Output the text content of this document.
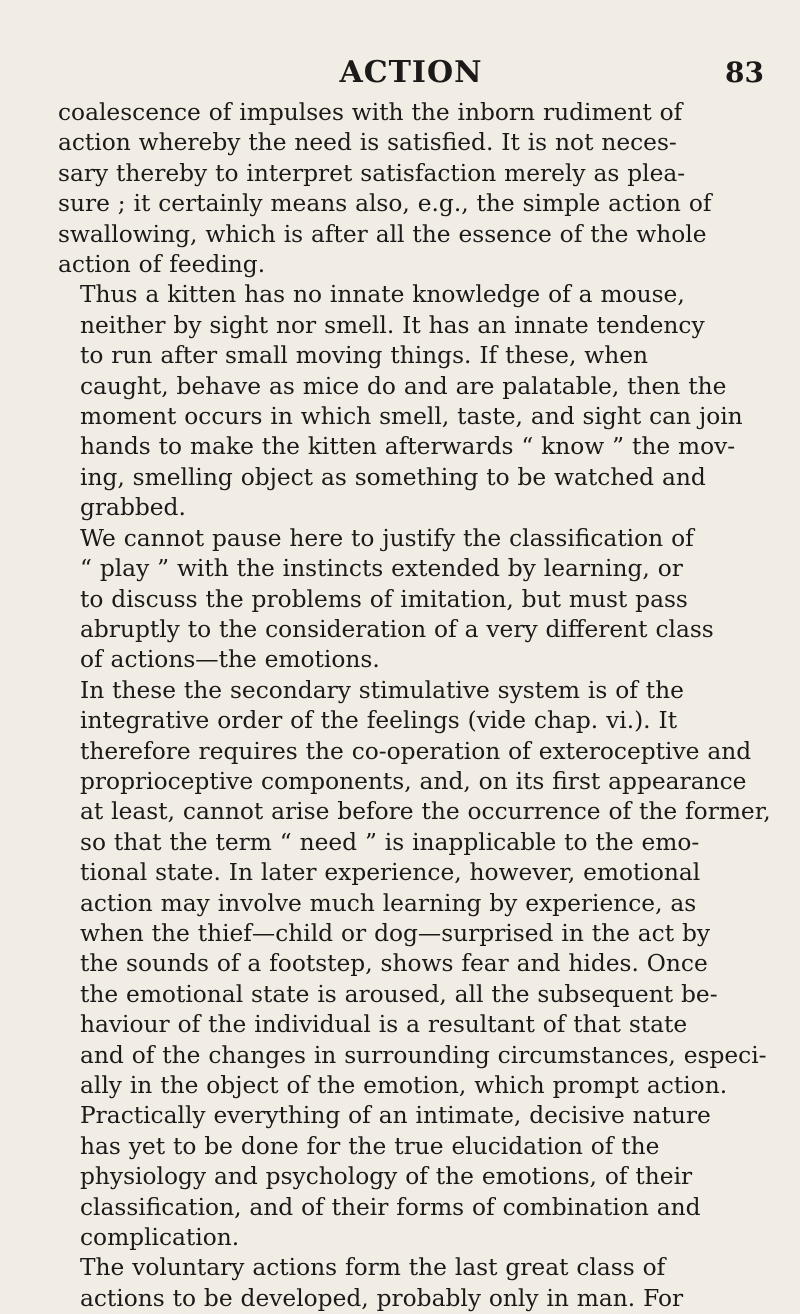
ACTION	83

coalescence of impulses with the inborn rudiment of
action whereby the need is satisfied. It is not neces-
sary thereby to interpret satisfaction merely as plea-
sure ; it certainly means also, e.g., the simple action of
swallowing, which is after all the essence of the whole
action of feeding.

Thus a kitten has no innate knowledge of a mouse,
neither by sight nor smell. It has an innate tendency
to run after small moving things. If these, when
caught, behave as mice do and are palatable, then the
moment occurs in which smell, taste, and sight can join
hands to make the kitten afterwards “ know ” the mov-
ing, smelling object as something to be watched and
grabbed.

We cannot pause here to justify the classification of
“ play ” with the instincts extended by learning, or
to discuss the problems of imitation, but must pass
abruptly to the consideration of a very different class
of actions—the emotions.

In these the secondary stimulative system is of the
integrative order of the feelings (vide chap. vi.). It
therefore requires the co-operation of exteroceptive and
proprioceptive components, and, on its first appearance
at least, cannot arise before the occurrence of the former,
so that the term “ need ” is inapplicable to the emo-
tional state. In later experience, however, emotional
action may involve much learning by experience, as
when the thief—child or dog—surprised in the act by
the sounds of a footstep, shows fear and hides. Once
the emotional state is aroused, all the subsequent be-
haviour of the individual is a resultant of that state
and of the changes in surrounding circumstances, especi-
ally in the object of the emotion, which prompt action.
Practically everything of an intimate, decisive nature
has yet to be done for the true elucidation of the
physiology and psychology of the emotions, of their
classification, and of their forms of combination and
complication.

The voluntary actions form the last great class of
actions to be developed, probably only in man. For
